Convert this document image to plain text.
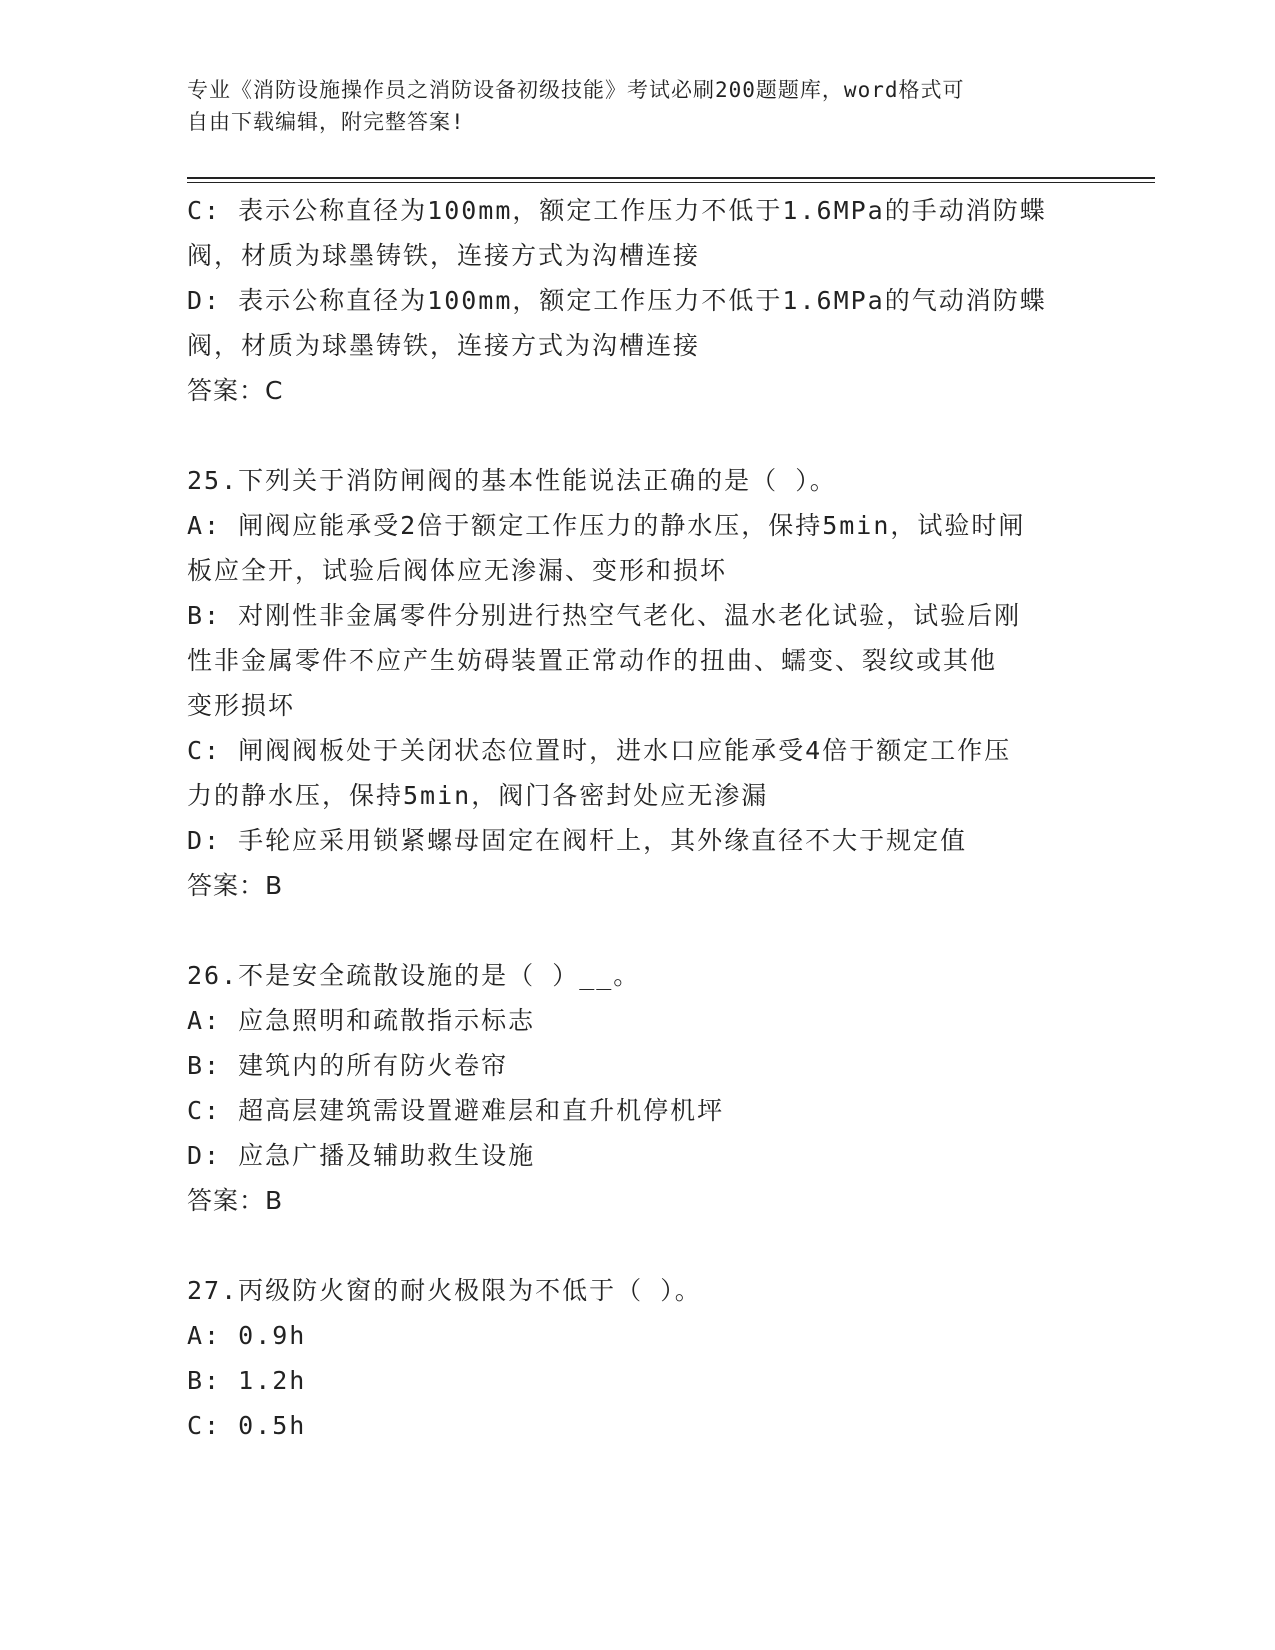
专业《消防设施操作员之消防设备初级技能》考试必刷200题题库，word格式可
自由下载编辑，附完整答案!
C: 表示公称直径为100mm，额定工作压力不低于1.6MPa的手动消防蝶
阀，材质为球墨铸铁，连接方式为沟槽连接
D: 表示公称直径为100mm，额定工作压力不低于1.6MPa的气动消防蝶
阀，材质为球墨铸铁，连接方式为沟槽连接
答案：C
25.下列关于消防闸阀的基本性能说法正确的是（ ）。
A: 闸阀应能承受2倍于额定工作压力的静水压，保持5min，试验时闸
板应全开，试验后阀体应无渗漏、变形和损坏
B: 对刚性非金属零件分别进行热空气老化、温水老化试验，试验后刚
性非金属零件不应产生妨碍装置正常动作的扭曲、蠕变、裂纹或其他
变形损坏
C: 闸阀阀板处于关闭状态位置时，进水口应能承受4倍于额定工作压
力的静水压，保持5min，阀门各密封处应无渗漏
D: 手轮应采用锁紧螺母固定在阀杆上，其外缘直径不大于规定值
答案：B
26.不是安全疏散设施的是（ ）__。
A: 应急照明和疏散指示标志
B: 建筑内的所有防火卷帘
C: 超高层建筑需设置避难层和直升机停机坪
D: 应急广播及辅助救生设施
答案：B
27.丙级防火窗的耐火极限为不低于（ ）。
A: 0.9h
B: 1.2h
C: 0.5h
